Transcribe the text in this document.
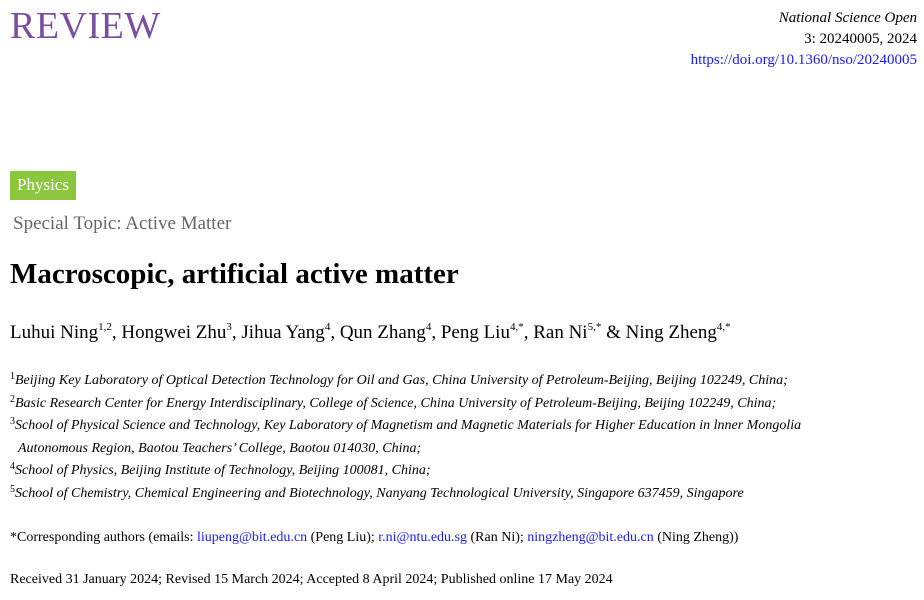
REVIEW	National Science Open
3: 20240005, 2024
https://doi.org/10.1360/nso/20240005
Physics
Special Topic: Active Matter
Macroscopic, artificial active matter
Luhui Ning$^{1,2}$, Hongwei Zhu$^3$, Jihua Yang$^4$, Qun Zhang$^4$, Peng Liu$^{4,*}$, Ran $Ni^{5,*}$ & Ning Zheng$^{4,*}$
$^1$Beijing Key Laboratory of Optical Detection Technology for Oil and Gas, China University of Petroleum-Beijing, Beijing 102249, China;
$^2$Basic Research Center for Energy Interdisciplinary, College of Science, China University of Petroleum-Beijing, Beijing 102249, China;
$^3$School of Physical Science and Technology, Key Laboratory of Magnetism and Magnetic Materials for Higher Education in lnner Mongolia
Autonomous Region, Baotou Teachers’ College, Baotou 014030, China;
$^4$School of Physics, Beijing Institute of Technology, Beijing 100081, China;
$^5$School of Chemistry, Chemical Engineering and Biotechnology, Nanyang Technological University, Singapore 637459, Singapore
*Corresponding authors (emails: liupeng@bit.edu.cn (Peng Liu); r.ni@ntu.edu.sg (Ran Ni); ningzheng@bit.edu.cn (Ning Zheng))
Received 31 January 2024; Revised 15 March 2024; Accepted 8 April 2024; Published online 17 May 2024
